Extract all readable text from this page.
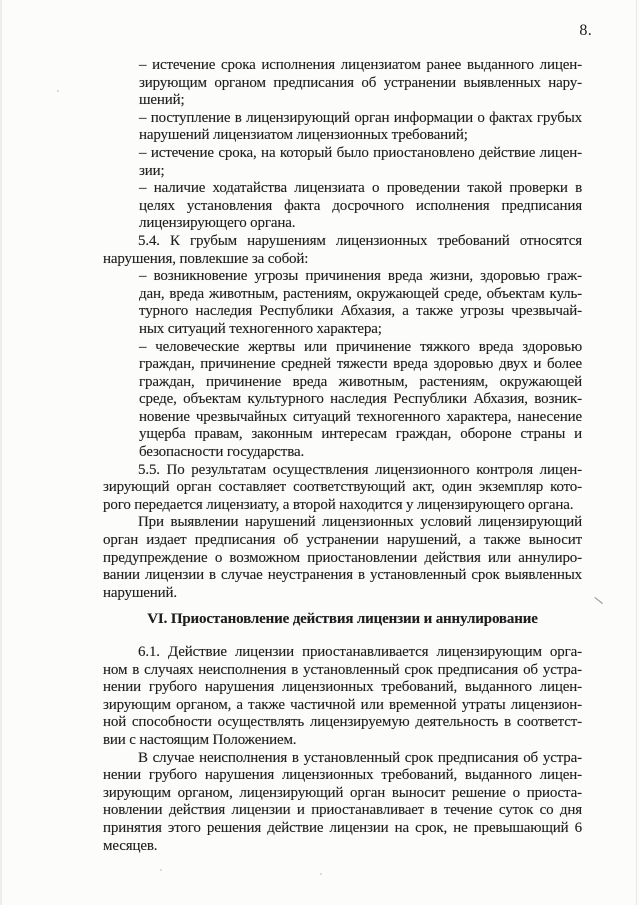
8.
– истечение срока исполнения лицензиатом ранее выданного лицен-
зирующим органом предписания об устранении выявленных нару-
шений;
– поступление в лицензирующий орган информации о фактах грубых
нарушений лицензиатом лицензионных требований;
– истечение срока, на который было приостановлено действие лицен-
зии;
– наличие ходатайства лицензиата о проведении такой проверки в
целях установления факта досрочного исполнения предписания
лицензирующего органа.
5.4. К грубым нарушениям лицензионных требований относятся
нарушения, повлекшие за собой:
– возникновение угрозы причинения вреда жизни, здоровью граж-
дан, вреда животным, растениям, окружающей среде, объектам куль-
турного наследия Республики Абхазия, а также угрозы чрезвычай-
ных ситуаций техногенного характера;
– человеческие жертвы или причинение тяжкого вреда здоровью
граждан, причинение средней тяжести вреда здоровью двух и более
граждан, причинение вреда животным, растениям, окружающей
среде, объектам культурного наследия Республики Абхазия, возник-
новение чрезвычайных ситуаций техногенного характера, нанесение
ущерба правам, законным интересам граждан, обороне страны и
безопасности государства.
5.5. По результатам осуществления лицензионного контроля лицен-
зирующий орган составляет соответствующий акт, один экземпляр кото-
рого передается лицензиату, а второй находится у лицензирующего органа.
При выявлении нарушений лицензионных условий лицензирующий
орган издает предписания об устранении нарушений, а также выносит
предупреждение о возможном приостановлении действия или аннулиро-
вании лицензии в случае неустранения в установленный срок выявленных
нарушений.
VI. Приостановление действия лицензии и аннулирование
6.1. Действие лицензии приостанавливается лицензирующим орга-
ном в случаях неисполнения в установленный срок предписания об устра-
нении грубого нарушения лицензионных требований, выданного лицен-
зирующим органом, а также частичной или временной утраты лицензион-
ной способности осуществлять лицензируемую деятельность в соответст-
вии с настоящим Положением.
В случае неисполнения в установленный срок предписания об устра-
нении грубого нарушения лицензионных требований, выданного лицен-
зирующим органом, лицензирующий орган выносит решение о приоста-
новлении действия лицензии и приостанавливает в течение суток со дня
принятия этого решения действие лицензии на срок, не превышающий 6
месяцев.
